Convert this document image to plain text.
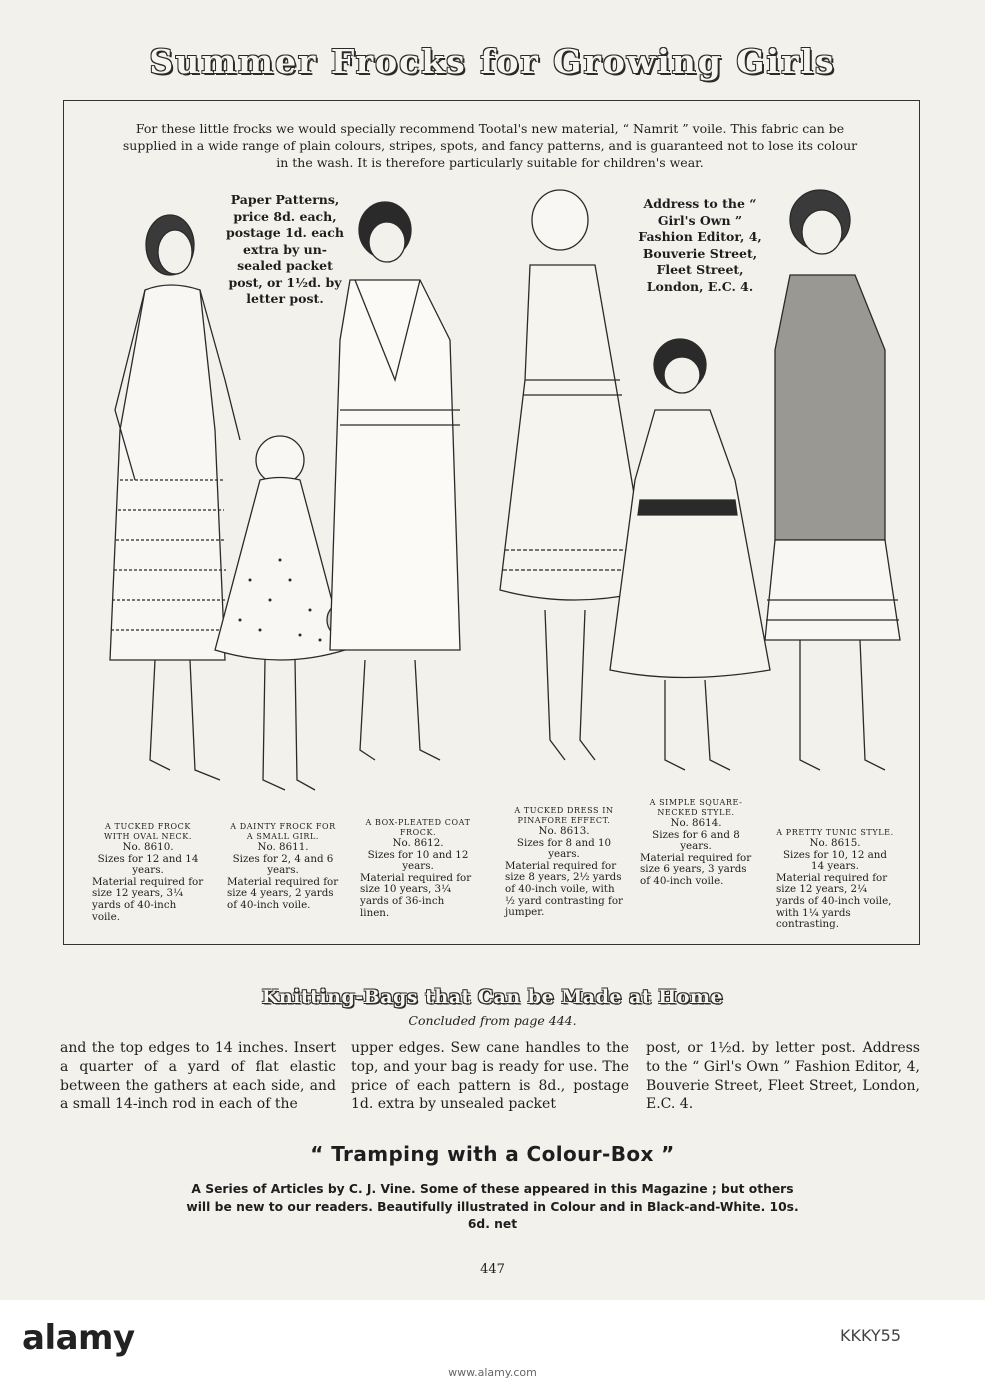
Summer Frocks for Growing Girls
For these little frocks we would specially recommend Tootal's new material, “ Namrit ” voile. This fabric can be supplied in a wide range of plain colours, stripes, spots, and fancy patterns, and is guaranteed not to lose its colour in the wash. It is therefore particularly suitable for children's wear.
Paper Patterns, price 8d. each, postage 1d. each extra by un-sealed packet post, or 1½d. by letter post.
Address to the “ Girl's Own ” Fashion Editor, 4, Bouverie Street, Fleet Street, London, E.C. 4.
A TUCKED FROCK WITH OVAL NECK.
No. 8610.
Sizes for 12 and 14 years.
Material required for size 12 years, 3¼ yards of 40-inch voile.
A DAINTY FROCK FOR A SMALL GIRL.
No. 8611.
Sizes for 2, 4 and 6 years.
Material required for size 4 years, 2 yards of 40-inch voile.
A BOX-PLEATED COAT FROCK.
No. 8612.
Sizes for 10 and 12 years.
Material required for size 10 years, 3¼ yards of 36-inch linen.
A TUCKED DRESS IN PINAFORE EFFECT.
No. 8613.
Sizes for 8 and 10 years.
Material required for size 8 years, 2½ yards of 40-inch voile, with ½ yard contrasting for jumper.
A SIMPLE SQUARE-NECKED STYLE.
No. 8614.
Sizes for 6 and 8 years.
Material required for size 6 years, 3 yards of 40-inch voile.
A PRETTY TUNIC STYLE.
No. 8615.
Sizes for 10, 12 and 14 years.
Material required for size 12 years, 2¼ yards of 40-inch voile, with 1¼ yards contrasting.
Knitting-Bags that Can be Made at Home
Concluded from page 444.
and the top edges to 14 inches. Insert a quarter of a yard of flat elastic between the gathers at each side, and a small 14-inch rod in each of the
upper edges. Sew cane handles to the top, and your bag is ready for use. The price of each pattern is 8d., postage 1d. extra by unsealed packet
post, or 1½d. by letter post. Address to the “ Girl's Own ” Fashion Editor, 4, Bouverie Street, Fleet Street, London, E.C. 4.
“ Tramping with a Colour-Box ”
A Series of Articles by C. J. Vine. Some of these appeared in this Magazine ; but others will be new to our readers. Beautifully illustrated in Colour and in Black-and-White. 10s. 6d. net
447
alamy	KKKY55
www.alamy.com
